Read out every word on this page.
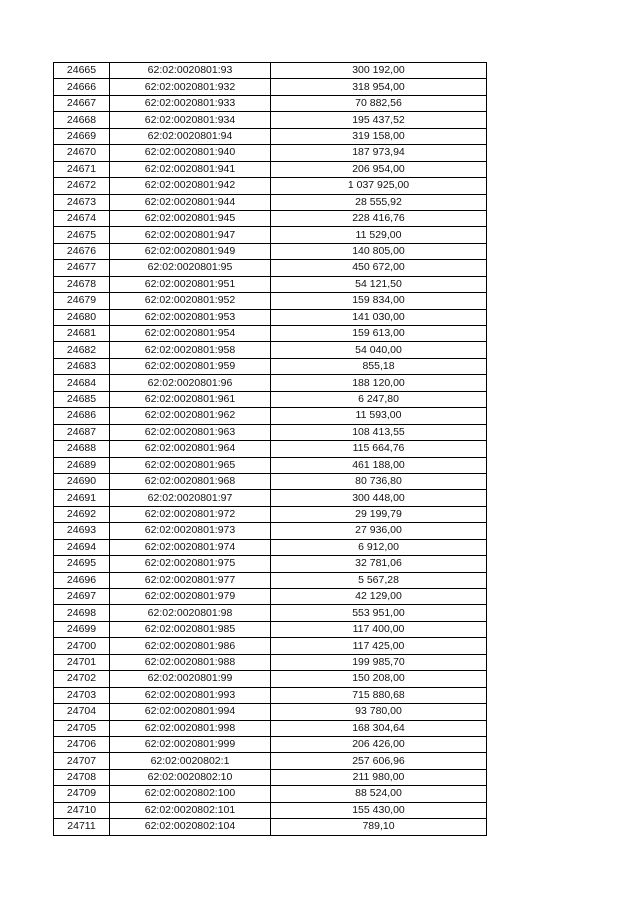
24665	62:02:0020801:93	300 192,00
24666	62:02:0020801:932	318 954,00
24667	62:02:0020801:933	70 882,56
24668	62:02:0020801:934	195 437,52
24669	62:02:0020801:94	319 158,00
24670	62:02:0020801:940	187 973,94
24671	62:02:0020801:941	206 954,00
24672	62:02:0020801:942	1 037 925,00
24673	62:02:0020801:944	28 555,92
24674	62:02:0020801:945	228 416,76
24675	62:02:0020801:947	11 529,00
24676	62:02:0020801:949	140 805,00
24677	62:02:0020801:95	450 672,00
24678	62:02:0020801:951	54 121,50
24679	62:02:0020801:952	159 834,00
24680	62:02:0020801:953	141 030,00
24681	62:02:0020801:954	159 613,00
24682	62:02:0020801:958	54 040,00
24683	62:02:0020801:959	855,18
24684	62:02:0020801:96	188 120,00
24685	62:02:0020801:961	6 247,80
24686	62:02:0020801:962	11 593,00
24687	62:02:0020801:963	108 413,55
24688	62:02:0020801:964	115 664,76
24689	62:02:0020801:965	461 188,00
24690	62:02:0020801:968	80 736,80
24691	62:02:0020801:97	300 448,00
24692	62:02:0020801:972	29 199,79
24693	62:02:0020801:973	27 936,00
24694	62:02:0020801:974	6 912,00
24695	62:02:0020801:975	32 781,06
24696	62:02:0020801:977	5 567,28
24697	62:02:0020801:979	42 129,00
24698	62:02:0020801:98	553 951,00
24699	62:02:0020801:985	117 400,00
24700	62:02:0020801:986	117 425,00
24701	62:02:0020801:988	199 985,70
24702	62:02:0020801:99	150 208,00
24703	62:02:0020801:993	715 880,68
24704	62:02:0020801:994	93 780,00
24705	62:02:0020801:998	168 304,64
24706	62:02:0020801:999	206 426,00
24707	62:02:0020802:1	257 606,96
24708	62:02:0020802:10	211 980,00
24709	62:02:0020802:100	88 524,00
24710	62:02:0020802:101	155 430,00
24711	62:02:0020802:104	789,10
